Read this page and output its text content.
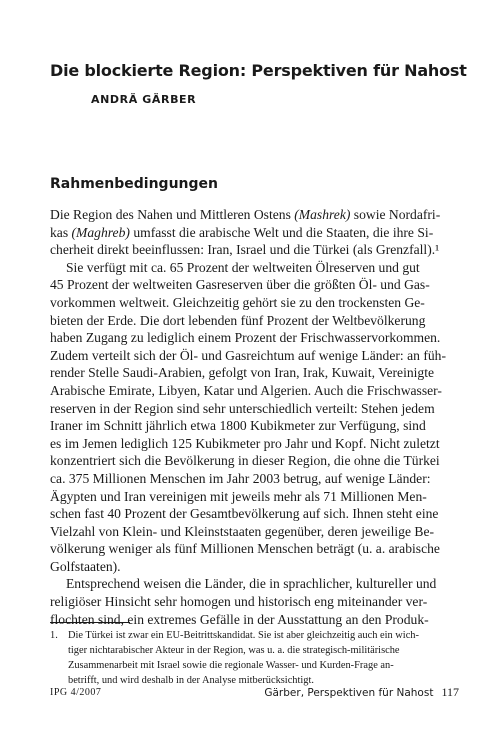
Die blockierte Region: Perspektiven für Nahost
ANDRÄ GÄRBER
Rahmenbedingungen
Die Region des Nahen und Mittleren Ostens (Mashrek) sowie Nordafri-
kas (Maghreb) umfasst die arabische Welt und die Staaten, die ihre Si-
cherheit direkt beeinflussen: Iran, Israel und die Türkei (als Grenzfall).¹
Sie verfügt mit ca. 65 Prozent der weltweiten Ölreserven und gut
45 Prozent der weltweiten Gasreserven über die größten Öl- und Gas-
vorkommen weltweit. Gleichzeitig gehört sie zu den trockensten Ge-
bieten der Erde. Die dort lebenden fünf Prozent der Weltbevölkerung
haben Zugang zu lediglich einem Prozent der Frischwasservorkommen.
Zudem verteilt sich der Öl- und Gasreichtum auf wenige Länder: an füh-
render Stelle Saudi-Arabien, gefolgt von Iran, Irak, Kuwait, Vereinigte
Arabische Emirate, Libyen, Katar und Algerien. Auch die Frischwasser-
reserven in der Region sind sehr unterschiedlich verteilt: Stehen jedem
Iraner im Schnitt jährlich etwa 1800 Kubikmeter zur Verfügung, sind
es im Jemen lediglich 125 Kubikmeter pro Jahr und Kopf. Nicht zuletzt
konzentriert sich die Bevölkerung in dieser Region, die ohne die Türkei
ca. 375 Millionen Menschen im Jahr 2003 betrug, auf wenige Länder:
Ägypten und Iran vereinigen mit jeweils mehr als 71 Millionen Men-
schen fast 40 Prozent der Gesamtbevölkerung auf sich. Ihnen steht eine
Vielzahl von Klein- und Kleinststaaten gegenüber, deren jeweilige Be-
völkerung weniger als fünf Millionen Menschen beträgt (u. a. arabische
Golfstaaten).
Entsprechend weisen die Länder, die in sprachlicher, kultureller und
religiöser Hinsicht sehr homogen und historisch eng miteinander ver-
flochten sind, ein extremes Gefälle in der Ausstattung an den Produk-
1. Die Türkei ist zwar ein EU-Beitrittskandidat. Sie ist aber gleichzeitig auch ein wich-
tiger nichtarabischer Akteur in der Region, was u. a. die strategisch-militärische
Zusammenarbeit mit Israel sowie die regionale Wasser- und Kurden-Frage an-
betrifft, und wird deshalb in der Analyse mitberücksichtigt.
IPG 4/2007	Gärber, Perspektiven für Nahost 117
